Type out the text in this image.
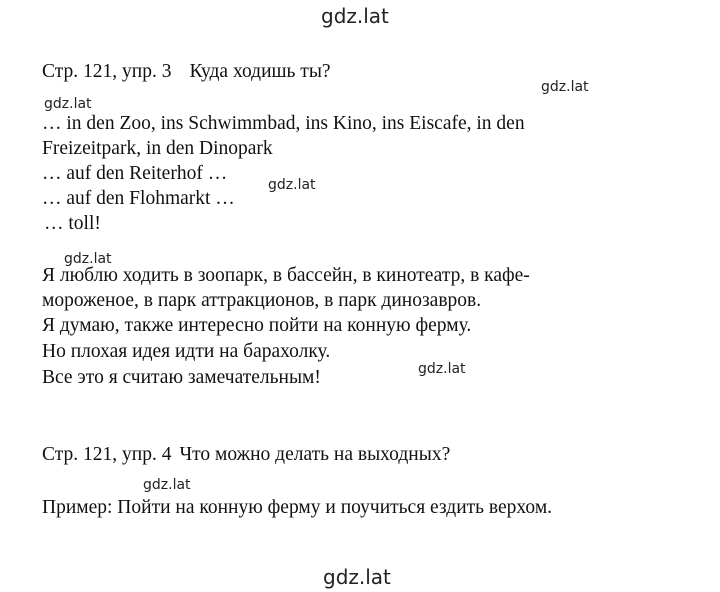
gdz.lat
gdz.lat
gdz.lat
gdz.lat
gdz.lat
gdz.lat
gdz.lat
gdz.lat
Стр. 121, упр. 3 Куда ходишь ты?
… in den Zoo, ins Schwimmbad, ins Kino, ins Eiscafe, in den
Freizeitpark, in den Dinopark
… auf den Reiterhof …
… auf den Flohmarkt …
… toll!
Я люблю ходить в зоопарк, в бассейн, в кинотеатр, в кафе-
мороженое, в парк аттракционов, в парк динозавров.
Я думаю, также интересно пойти на конную ферму.
Но плохая идея идти на барахолку.
Все это я считаю замечательным!
Стр. 121, упр. 4 Что можно делать на выходных?
Пример: Пойти на конную ферму и поучиться ездить верхом.
